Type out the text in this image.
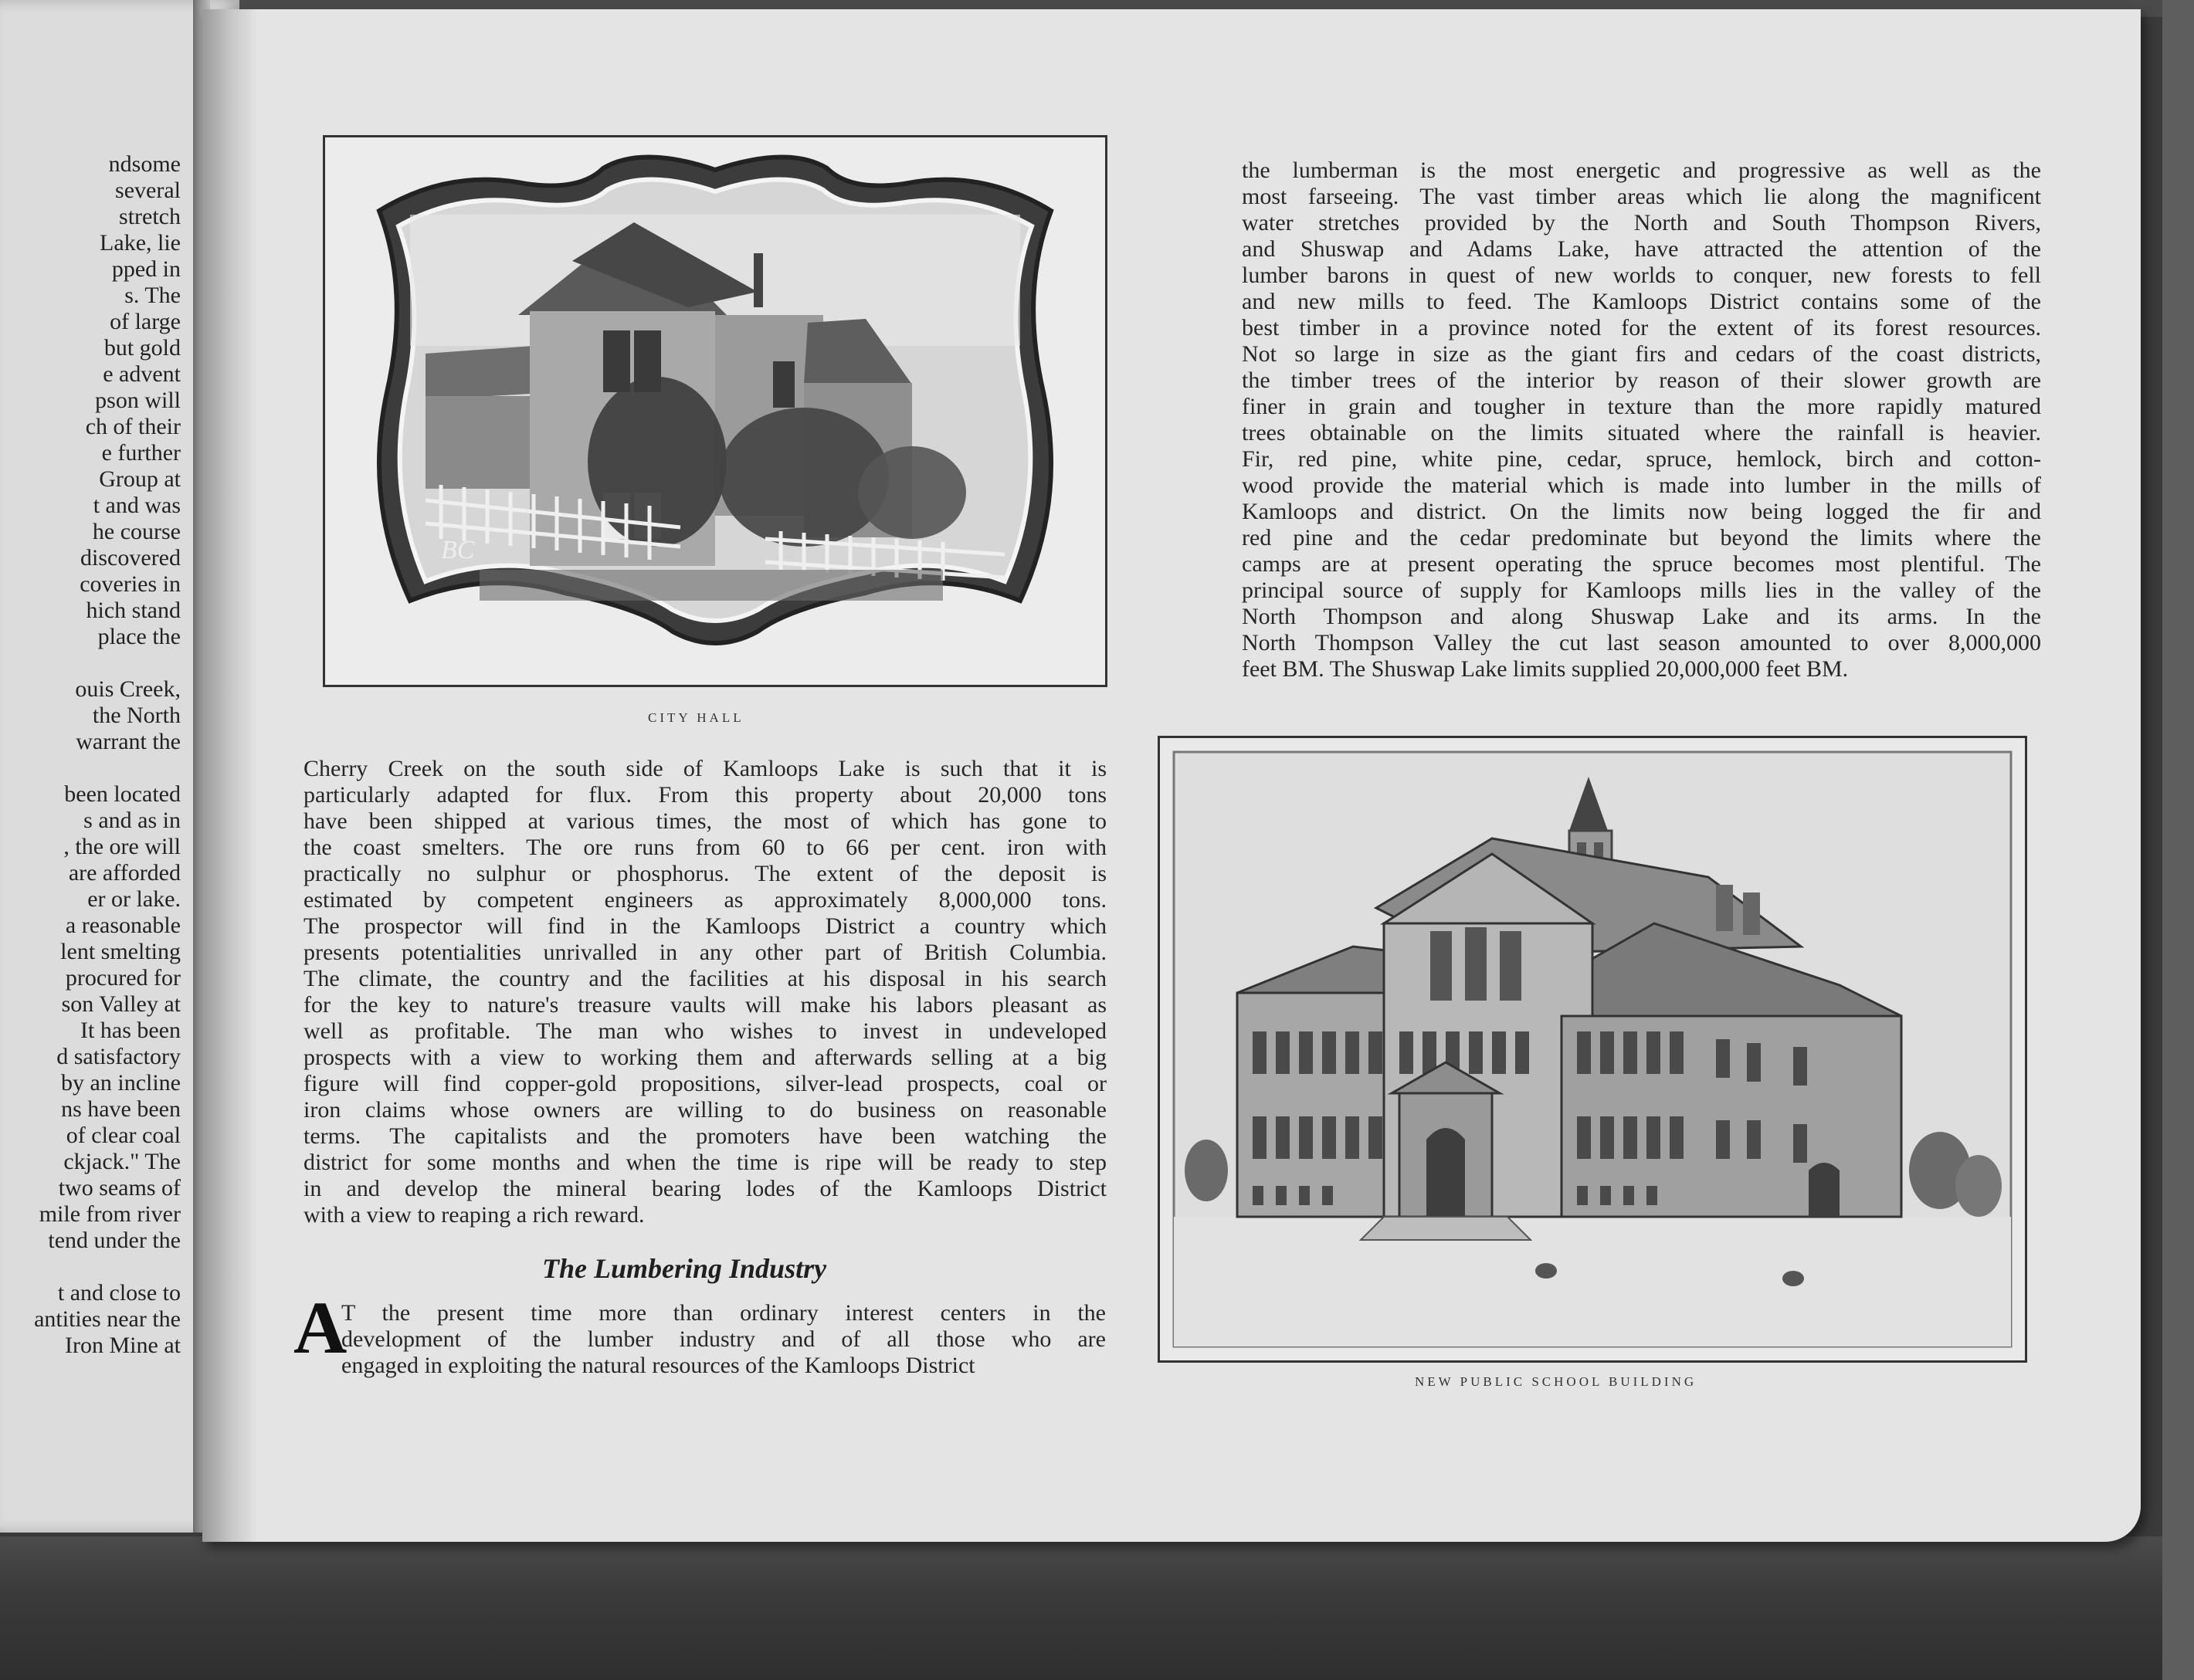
ndsome
several
stretch
Lake, lie
pped in
s. The
of large
but gold
e advent
pson will
ch of their
e further
Group at
t and was
he course
discovered
coveries in
hich stand
place the
ouis Creek,
the North
warrant the
been located
s and as in
, the ore will
are afforded
er or lake.
a reasonable
lent smelting
procured for
son Valley at
It has been
d satisfactory
by an incline
ns have been
of clear coal
ckjack." The
two seams of
mile from river
tend under the
t and close to
antities near the
Iron Mine at
BC
CITY HALL
the lumberman is the most energetic and progressive as well as the
most farseeing. The vast timber areas which lie along the magnificent
water stretches provided by the North and South Thompson Rivers,
and Shuswap and Adams Lake, have attracted the attention of the
lumber barons in quest of new worlds to conquer, new forests to fell
and new mills to feed. The Kamloops District contains some of the
best timber in a province noted for the extent of its forest resources.
Not so large in size as the giant firs and cedars of the coast districts,
the timber trees of the interior by reason of their slower growth are
finer in grain and tougher in texture than the more rapidly matured
trees obtainable on the limits situated where the rainfall is heavier.
Fir, red pine, white pine, cedar, spruce, hemlock, birch and cotton-
wood provide the material which is made into lumber in the mills of
Kamloops and district. On the limits now being logged the fir and
red pine and the cedar predominate but beyond the limits where the
camps are at present operating the spruce becomes most plentiful. The
principal source of supply for Kamloops mills lies in the valley of the
North Thompson and along Shuswap Lake and its arms. In the
North Thompson Valley the cut last season amounted to over 8,000,000
feet BM. The Shuswap Lake limits supplied 20,000,000 feet BM.
Cherry Creek on the south side of Kamloops Lake is such that it is
particularly adapted for flux. From this property about 20,000 tons
have been shipped at various times, the most of which has gone to
the coast smelters. The ore runs from 60 to 66 per cent. iron with
practically no sulphur or phosphorus. The extent of the deposit is
estimated by competent engineers as approximately 8,000,000 tons.
The prospector will find in the Kamloops District a country which
presents potentialities unrivalled in any other part of British Columbia.
The climate, the country and the facilities at his disposal in his search
for the key to nature's treasure vaults will make his labors pleasant as
well as profitable. The man who wishes to invest in undeveloped
prospects with a view to working them and afterwards selling at a big
figure will find copper-gold propositions, silver-lead prospects, coal or
iron claims whose owners are willing to do business on reasonable
terms. The capitalists and the promoters have been watching the
district for some months and when the time is ripe will be ready to step
in and develop the mineral bearing lodes of the Kamloops District
with a view to reaping a rich reward.
The Lumbering Industry
A
T the present time more than ordinary interest centers in the
development of the lumber industry and of all those who are
engaged in exploiting the natural resources of the Kamloops District
NEW PUBLIC SCHOOL BUILDING
